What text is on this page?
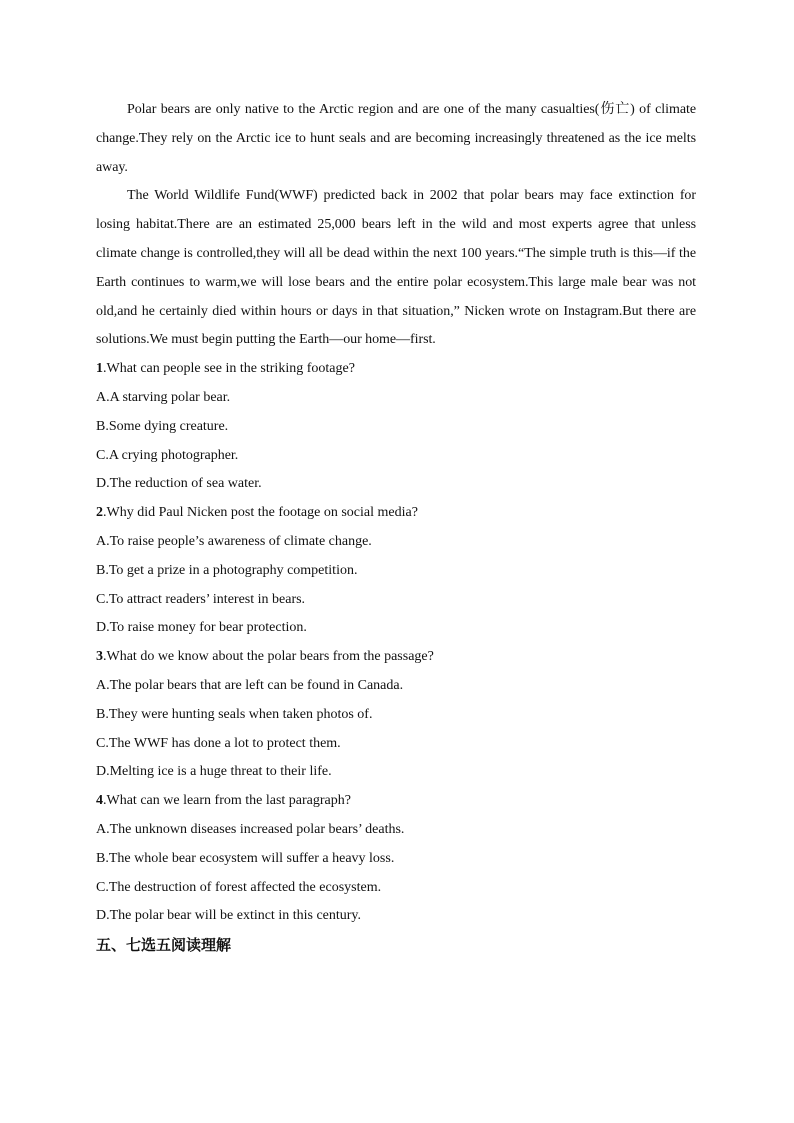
Polar bears are only native to the Arctic region and are one of the many casualties(伤亡) of climate change.They rely on the Arctic ice to hunt seals and are becoming increasingly threatened as the ice melts away.

The World Wildlife Fund(WWF) predicted back in 2002 that polar bears may face extinction for losing habitat.There are an estimated 25,000 bears left in the wild and most experts agree that unless climate change is controlled,they will all be dead within the next 100 years.“The simple truth is this—if the Earth continues to warm,we will lose bears and the entire polar ecosystem.This large male bear was not old,and he certainly died within hours or days in that situation,” Nicken wrote on Instagram.But there are solutions.We must begin putting the Earth—our home—first.

1.What can people see in the striking footage?

A.A starving polar bear.

B.Some dying creature.

C.A crying photographer.

D.The reduction of sea water.

2.Why did Paul Nicken post the footage on social media?

A.To raise people’s awareness of climate change.

B.To get a prize in a photography competition.

C.To attract readers’ interest in bears.

D.To raise money for bear protection.

3.What do we know about the polar bears from the passage?

A.The polar bears that are left can be found in Canada.

B.They were hunting seals when taken photos of.

C.The WWF has done a lot to protect them.

D.Melting ice is a huge threat to their life.

4.What can we learn from the last paragraph?

A.The unknown diseases increased polar bears’ deaths.

B.The whole bear ecosystem will suffer a heavy loss.

C.The destruction of forest affected the ecosystem.

D.The polar bear will be extinct in this century.

五、七选五阅读理解
